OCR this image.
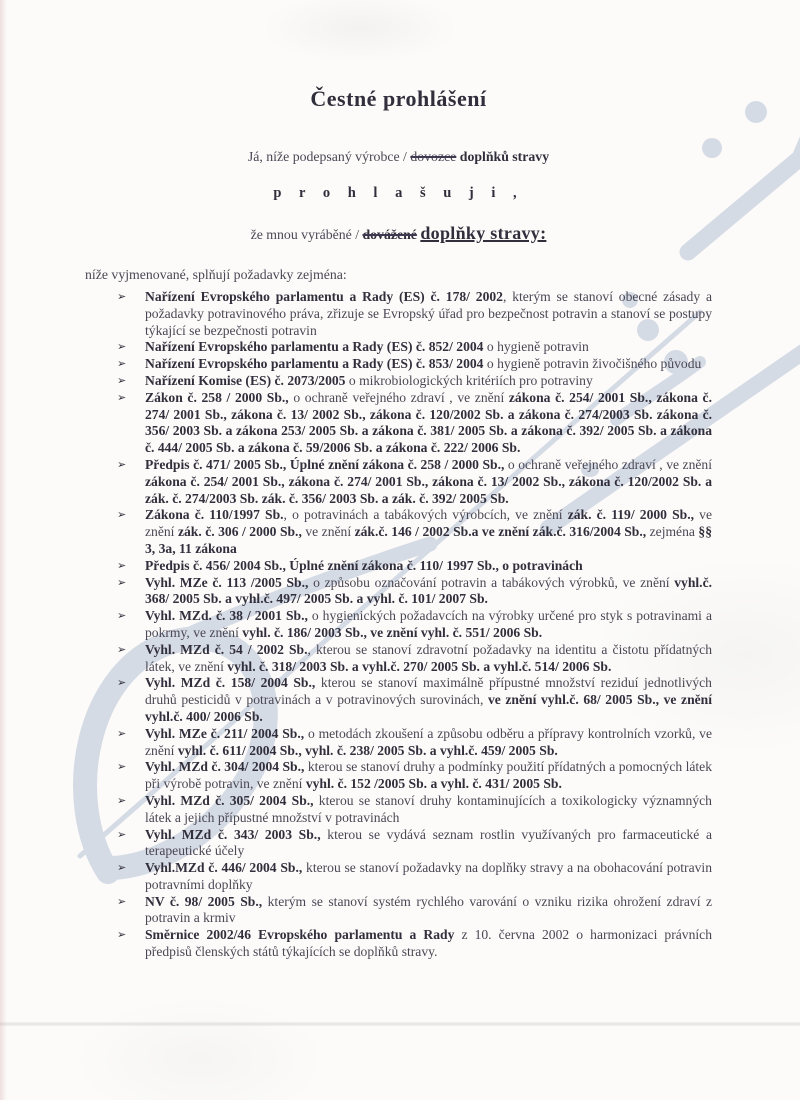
Čestné prohlášení
Já, níže podepsaný výrobce / dovozce doplňků stravy
p r o h l a š u j i ,
že mnou vyráběné / dovážené doplňky stravy:
níže vyjmenované, splňují požadavky zejména:
➢ Nařízení Evropského parlamentu a Rady (ES) č. 178/ 2002, kterým se stanoví obecné zásady a požadavky potravinového práva, zřizuje se Evropský úřad pro bezpečnost potravin a stanoví se postupy týkající se bezpečnosti potravin
➢ Nařízení Evropského parlamentu a Rady (ES) č. 852/ 2004 o hygieně potravin
➢ Nařízení Evropského parlamentu a Rady (ES) č. 853/ 2004 o hygieně potravin živočišného původu
➢ Nařízení Komise (ES) č. 2073/2005 o mikrobiologických kritériích pro potraviny
➢ Zákon č. 258 / 2000 Sb., o ochraně veřejného zdraví , ve znění zákona č. 254/ 2001 Sb., zákona č. 274/ 2001 Sb., zákona č. 13/ 2002 Sb., zákona č. 120/2002 Sb. a zákona č. 274/2003 Sb. zákona č. 356/ 2003 Sb. a zákona 253/ 2005 Sb. a zákona č. 381/ 2005 Sb. a zákona č. 392/ 2005 Sb. a zákona č. 444/ 2005 Sb. a zákona č. 59/2006 Sb. a zákona č. 222/ 2006 Sb.
➢ Předpis č. 471/ 2005 Sb., Úplné znění zákona č. 258 / 2000 Sb., o ochraně veřejného zdraví , ve znění zákona č. 254/ 2001 Sb., zákona č. 274/ 2001 Sb., zákona č. 13/ 2002 Sb., zákona č. 120/2002 Sb. a zák. č. 274/2003 Sb. zák. č. 356/ 2003 Sb. a zák. č. 392/ 2005 Sb.
➢ Zákona č. 110/1997 Sb., o potravinách a tabákových výrobcích, ve znění zák. č. 119/ 2000 Sb., ve znění zák. č. 306 / 2000 Sb., ve znění zák.č. 146 / 2002 Sb.a ve znění zák.č. 316/2004 Sb., zejména §§ 3, 3a, 11 zákona
➢ Předpis č. 456/ 2004 Sb., Úplné znění zákona č. 110/ 1997 Sb., o potravinách
➢ Vyhl. MZe č. 113 /2005 Sb., o způsobu označování potravin a tabákových výrobků, ve znění vyhl.č. 368/ 2005 Sb. a vyhl.č. 497/ 2005 Sb. a vyhl. č. 101/ 2007 Sb.
➢ Vyhl. MZd. č. 38 / 2001 Sb., o hygienických požadavcích na výrobky určené pro styk s potravinami a pokrmy, ve znění vyhl. č. 186/ 2003 Sb., ve znění vyhl. č. 551/ 2006 Sb.
➢ Vyhl. MZd č. 54 / 2002 Sb., kterou se stanoví zdravotní požadavky na identitu a čistotu přídatných látek, ve znění vyhl. č. 318/ 2003 Sb. a vyhl.č. 270/ 2005 Sb. a vyhl.č. 514/ 2006 Sb.
➢ Vyhl. MZd č. 158/ 2004 Sb., kterou se stanoví maximálně přípustné množství reziduí jednotlivých druhů pesticidů v potravinách a v potravinových surovinách, ve znění vyhl.č. 68/ 2005 Sb., ve znění vyhl.č. 400/ 2006 Sb.
➢ Vyhl. MZe č. 211/ 2004 Sb., o metodách zkoušení a způsobu odběru a přípravy kontrolních vzorků, ve znění vyhl. č. 611/ 2004 Sb., vyhl. č. 238/ 2005 Sb. a vyhl.č. 459/ 2005 Sb.
➢ Vyhl. MZd č. 304/ 2004 Sb., kterou se stanoví druhy a podmínky použití přídatných a pomocných látek při výrobě potravin, ve znění vyhl. č. 152 /2005 Sb. a vyhl. č. 431/ 2005 Sb.
➢ Vyhl. MZd č. 305/ 2004 Sb., kterou se stanoví druhy kontaminujících a toxikologicky významných látek a jejich přípustné množství v potravinách
➢ Vyhl. MZd č. 343/ 2003 Sb., kterou se vydává seznam rostlin využívaných pro farmaceutické a terapeutické účely
➢ Vyhl.MZd č. 446/ 2004 Sb., kterou se stanoví požadavky na doplňky stravy a na obohacování potravin potravními doplňky
➢ NV č. 98/ 2005 Sb., kterým se stanoví systém rychlého varování o vzniku rizika ohrožení zdraví z potravin a krmiv
➢ Směrnice 2002/46 Evropského parlamentu a Rady z 10. června 2002 o harmonizaci právních předpisů členských států týkajících se doplňků stravy.
